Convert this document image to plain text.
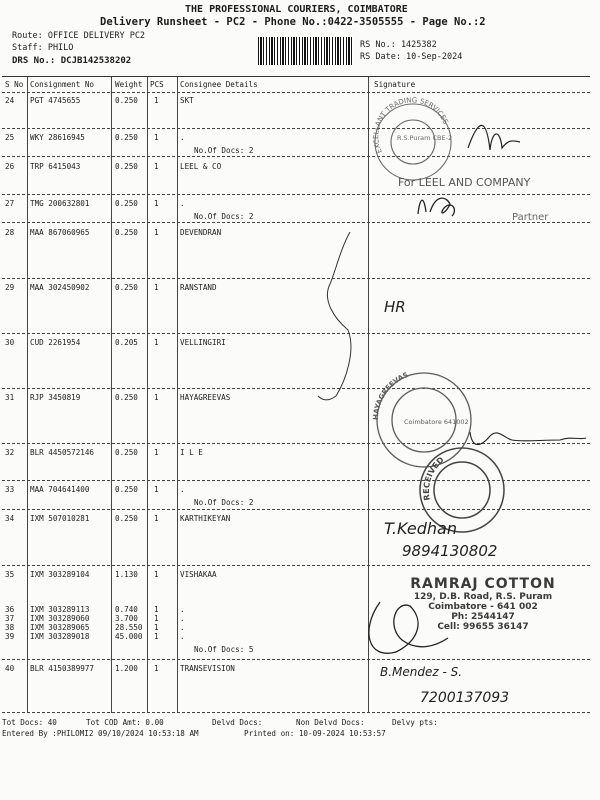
THE PROFESSIONAL COURIERS, COIMBATORE
Delivery Runsheet - PC2 - Phone No.:0422-3505555 - Page No.:2
Route: OFFICE DELIVERY PC2
Staff: PHILO
DRS No.: DCJB142538202
RS No.: 1425382
RS Date: 10-Sep-2024
S No Consignment No	Weight PCS Consignee Details	Signature
24 PGT 4745655	0.250 1	SKT
25 WKY 28616945	0.250 1	.
No.Of Docs: 2
26 TRP 6415043	0.250 1	LEEL & CO
27 TMG 200632801	0.250 1	.
No.Of Docs: 2
28 MAA 867060965	0.250 1	DEVENDRAN
29 MAA 302450902	0.250 1	RANSTAND
30 CUD 2261954	0.205 1	VELLINGIRI
31 RJP 3450819	0.250 1	HAYAGREEVAS
32 BLR 4450572146	0.250 1	I L E
33 MAA 704641400	0.250 1	.
No.Of Docs: 2
34 IXM 507010281	0.250 1	KARTHIKEYAN
35 IXM 303289104	1.130 1	VISHAKAA
36 IXM 303289113	0.740 1	.
37 IXM 303289060	3.700 1	.
38 IXM 303289065	28.550 1	.
39 IXM 303289018	45.000 1	.
No.Of Docs: 5
40 BLR 4150389977	1.200 1	TRANSEVISION
Tot Docs: 40	Tot COD Amt: 0.00	Delvd Docs:	Non Delvd Docs:	Delvy pts:
Entered By :PHILOMI2 09/10/2024 10:53:18 AM	Printed on: 10-09-2024 10:53:57
EXCELLANT TRADING SERVICES
R.S.Puram CBE-2
For LEEL AND COMPANY
Partner
HR
HAYAGREEVAS
Coimbatore 641002
RECEIVED
T.Kedhan
9894130802
B.Mendez - S.
7200137093
RAMRAJ COTTON
129, D.B. Road, R.S. Puram
Coimbatore - 641 002
Ph: 2544147
Cell: 99655 36147
